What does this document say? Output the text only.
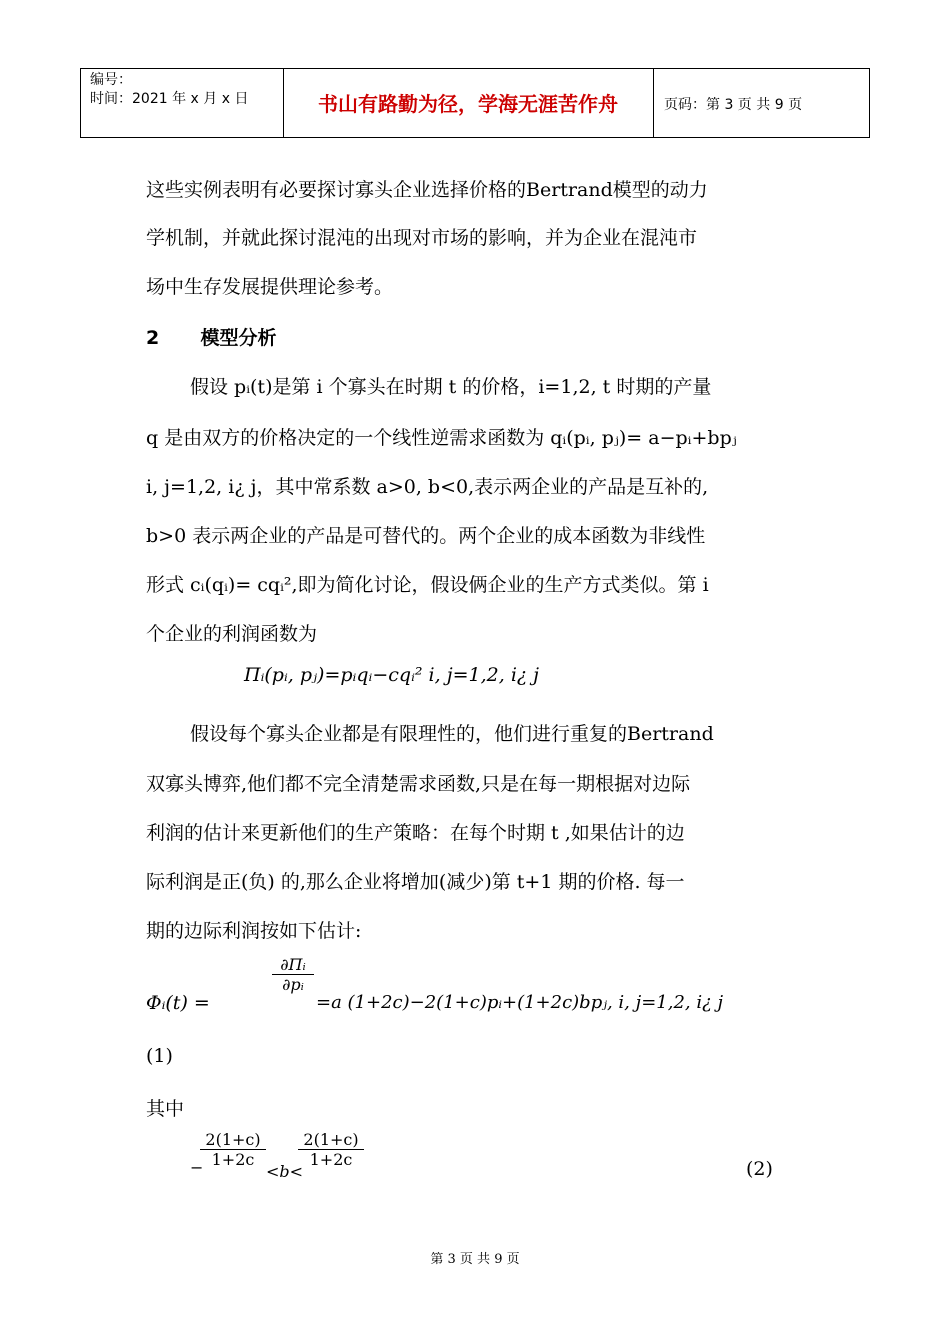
编号：
时间：2021 年 x 月 x 日	书山有路勤为径，学海无涯苦作舟	页码：第 3 页 共 9 页
这些实例表明有必要探讨寡头企业选择价格的Bertrand模型的动力
学机制，并就此探讨混沌的出现对市场的影响，并为企业在混沌市
场中生存发展提供理论参考。
2 模型分析
假设 pᵢ(t)是第 i 个寡头在时期 t 的价格，i=1,2, t 时期的产量
q 是由双方的价格决定的一个线性逆需求函数为 qᵢ(pᵢ, pⱼ)= a−pᵢ+bpⱼ
i, j=1,2, i¿ j，其中常系数 a>0, b<0,表示两企业的产品是互补的,
b>0 表示两企业的产品是可替代的。两个企业的成本函数为非线性
形式 cᵢ(qᵢ)= cqᵢ²,即为简化讨论，假设俩企业的生产方式类似。第 i
个企业的利润函数为
Πᵢ(pᵢ, pⱼ)=pᵢqᵢ−cqᵢ² i, j=1,2, i¿ j
假设每个寡头企业都是有限理性的，他们进行重复的Bertrand
双寡头博弈,他们都不完全清楚需求函数,只是在每一期根据对边际
利润的估计来更新他们的生产策略：在每个时期 t ,如果估计的边
际利润是正(负) 的,那么企业将增加(减少)第 t+1 期的价格. 每一
期的边际利润按如下估计:
∂Πᵢ
∂pᵢ
Φᵢ(t) =	=a (1+2c)−2(1+c)pᵢ+(1+2c)bpⱼ, i, j=1,2, i¿ j
(1)
其中
−
2(1+c)
1+2c
<b<
2(1+c)
1+2c	(2)
第 3 页 共 9 页
